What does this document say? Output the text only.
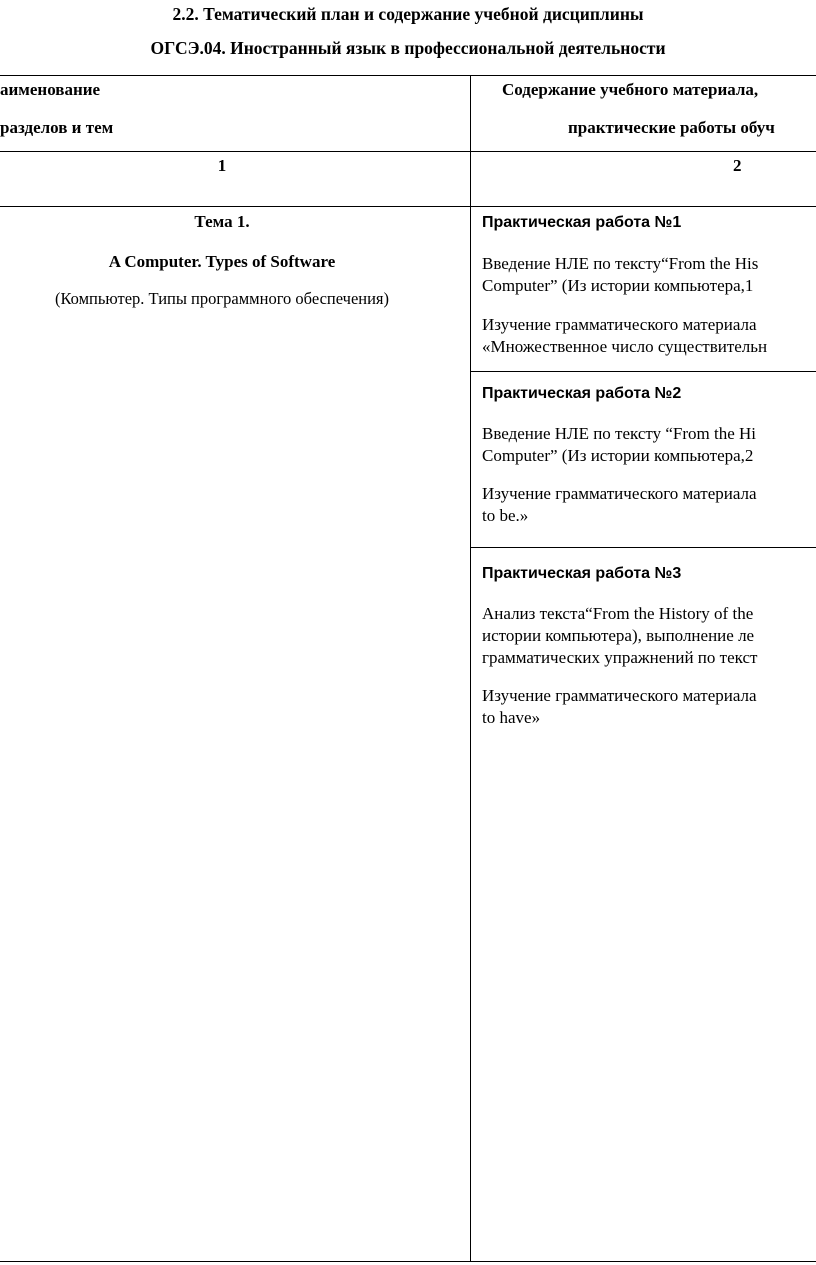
2.2. Тематический план и содержание учебной дисциплины
ОГСЭ.04. Иностранный язык в профессиональной деятельности
аименование
разделов и тем
Содержание учебного материала,
практические работы обуч
1	2
Тема 1.
A Computer. Types of Software
(Компьютер. Типы программного обеспечения)
Практическая работа №1
Введение НЛЕ по тексту“From the His
Computer” (Из истории компьютера,1
Изучение грамматического материала
«Множественное число существительн
Практическая работа №2
Введение НЛЕ по тексту “From the Hi
Computer” (Из истории компьютера,2
Изучение грамматического материала
to be.»
Практическая работа №3
Анализ текста“From the History of the
истории компьютера), выполнение ле
грамматических упражнений по текст
Изучение грамматического материала
to have»
